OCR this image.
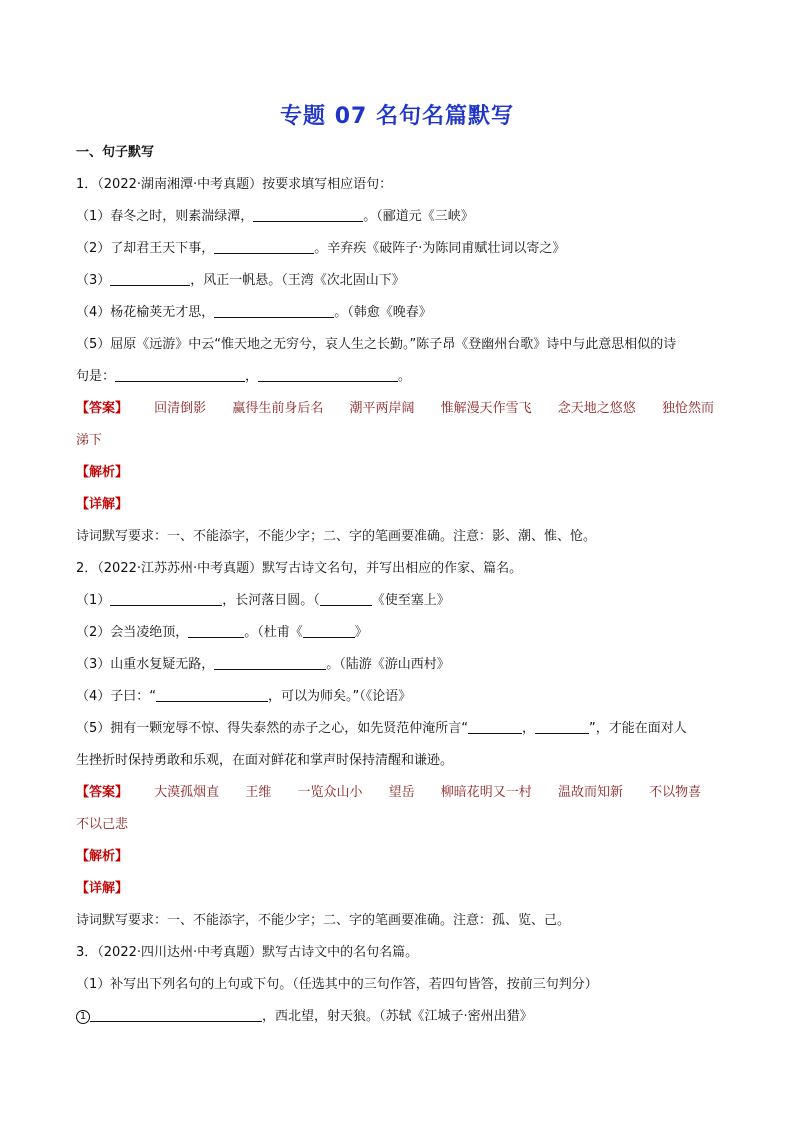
专题 07 名句名篇默写
一、句子默写
1．（2022·湖南湘潭·中考真题）按要求填写相应语句：
（1）春冬之时，则素湍绿潭，	。（郦道元《三峡》
（2）了却君王天下事，	。辛弃疾《破阵子·为陈同甫赋壮词以寄之》
（3）	，风正一帆悬。（王湾《次北固山下》
（4）杨花榆荚无才思，	。（韩愈《晚春》
（5）屈原《远游》中云“惟天地之无穷兮，哀人生之长勤。”陈子昂《登幽州台歌》诗中与此意思相似的诗
句是：	，	。
【答案】 回清倒影 赢得生前身后名 潮平两岸阔 惟解漫天作雪飞 念天地之悠悠 独怆然而
涕下
【解析】
【详解】
诗词默写要求：一、不能添字，不能少字；二、字的笔画要准确。注意：影、潮、惟、怆。
2．（2022·江苏苏州·中考真题）默写古诗文名句，并写出相应的作家、篇名。
（1）	，长河落日圆。（	《使至塞上》
（2）会当凌绝顶，	。（杜甫《	》
（3）山重水复疑无路，	。（陆游《游山西村》
（4）子曰：“	，可以为师矣。”（《论语》
（5）拥有一颗宠辱不惊、得失泰然的赤子之心，如先贤范仲淹所言“	，	”，才能在面对人
生挫折时保持勇敢和乐观，在面对鲜花和掌声时保持清醒和谦逊。
【答案】 大漠孤烟直 王维 一览众山小 望岳 柳暗花明又一村 温故而知新 不以物喜
不以己悲
【解析】
【详解】
诗词默写要求：一、不能添字，不能少字；二、字的笔画要准确。注意：孤、览、己。
3．（2022·四川达州·中考真题）默写古诗文中的名句名篇。
（1）补写出下列名句的上句或下句。（任选其中的三句作答，若四句皆答，按前三句判分）
1	，西北望，射天狼。（苏轼《江城子·密州出猎》
